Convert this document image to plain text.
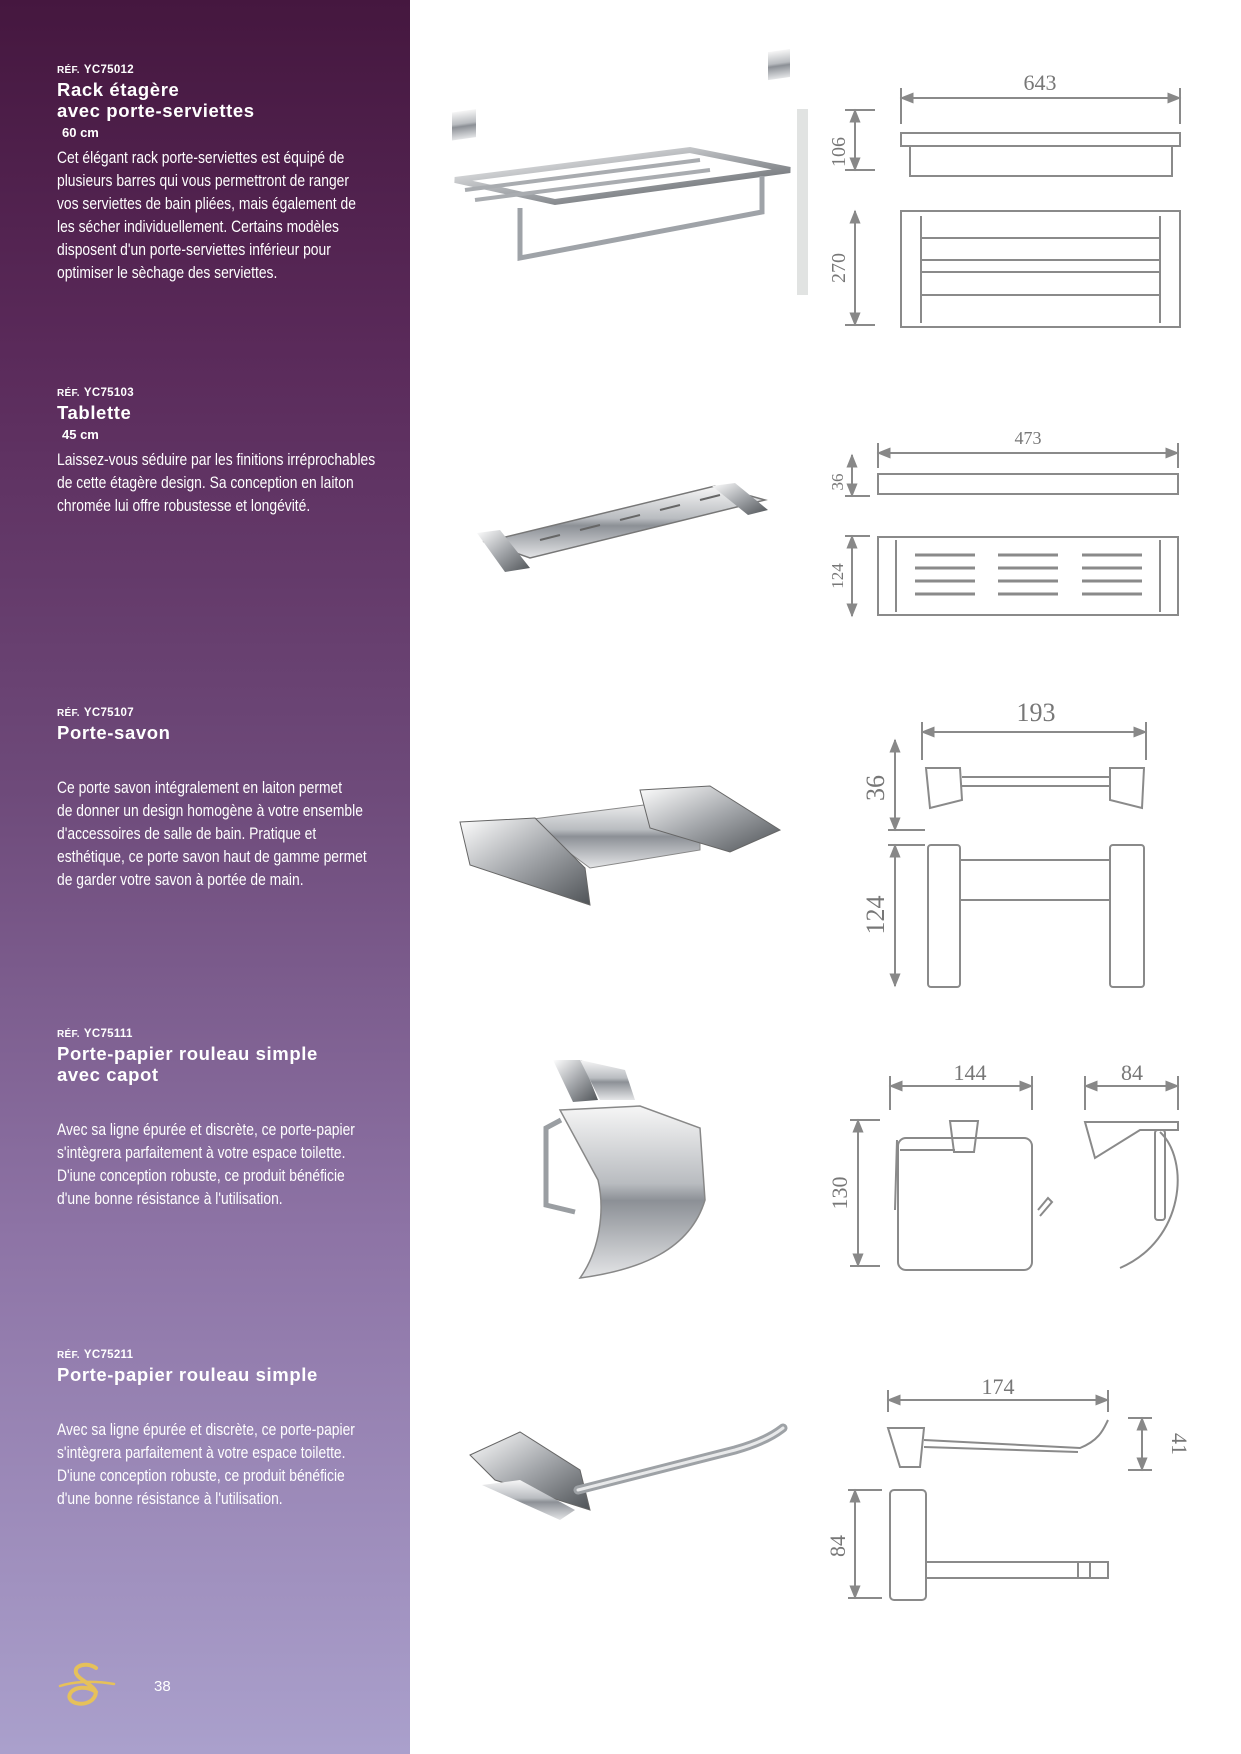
RÉF. YC75012
Rack étagère
avec porte-serviettes
60 cm
Cet élégant rack porte-serviettes est équipé de
plusieurs barres qui vous permettront de ranger
vos serviettes de bain pliées, mais également de
les sécher individuellement. Certains modèles
disposent d'un porte-serviettes inférieur pour
optimiser le sèchage des serviettes.
RÉF. YC75103
Tablette
45 cm
Laissez-vous séduire par les finitions irréprochables
de cette étagère design. Sa conception en laiton
chromée lui offre robustesse et longévité.
RÉF. YC75107
Porte-savon
Ce porte savon intégralement en laiton permet
de donner un design homogène à votre ensemble
d'accessoires de salle de bain. Pratique et
esthétique, ce porte savon haut de gamme permet
de garder votre savon à portée de main.
RÉF. YC75111
Porte-papier rouleau simple
avec capot
Avec sa ligne épurée et discrète, ce porte-papier
s'intègrera parfaitement à votre espace toilette.
D'iune conception robuste, ce produit bénéficie
d'une bonne résistance à l'utilisation.
RÉF. YC75211
Porte-papier rouleau simple
Avec sa ligne épurée et discrète, ce porte-papier
s'intègrera parfaitement à votre espace toilette.
D'iune conception robuste, ce produit bénéficie
d'une bonne résistance à l'utilisation.
38
643
106
270
473
36
124
193
36
124
144	84
130
174
41
84
